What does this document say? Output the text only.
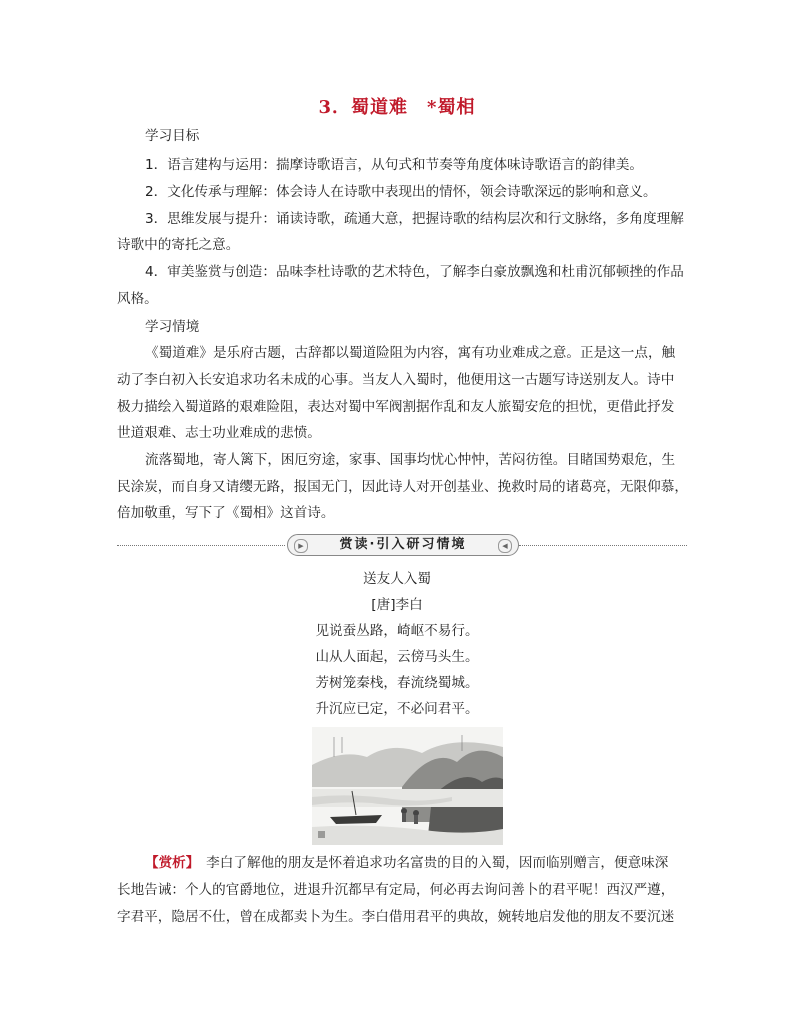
3．蜀道难　*蜀相
学习目标
1．语言建构与运用：揣摩诗歌语言，从句式和节奏等角度体味诗歌语言的韵律美。
2．文化传承与理解：体会诗人在诗歌中表现出的情怀，领会诗歌深远的影响和意义。
3．思维发展与提升：诵读诗歌，疏通大意，把握诗歌的结构层次和行文脉络，多角度理解
诗歌中的寄托之意。
4．审美鉴赏与创造：品味李杜诗歌的艺术特色，了解李白豪放飘逸和杜甫沉郁顿挫的作品
风格。
学习情境
《蜀道难》是乐府古题，古辞都以蜀道险阻为内容，寓有功业难成之意。正是这一点，触
动了李白初入长安追求功名未成的心事。当友人入蜀时，他便用这一古题写诗送别友人。诗中
极力描绘入蜀道路的艰难险阻，表达对蜀中军阀割据作乱和友人旅蜀安危的担忧，更借此抒发
世道艰难、志士功业难成的悲愤。
流落蜀地，寄人篱下，困厄穷途，家事、国事均忧心忡忡，苦闷彷徨。目睹国势艰危，生
民涂炭，而自身又请缨无路，报国无门，因此诗人对开创基业、挽救时局的诸葛亮，无限仰慕，
倍加敬重，写下了《蜀相》这首诗。
▶	赏读·引入研习情境	◀
送友人入蜀
[唐]李白
见说蚕丛路，崎岖不易行。
山从人面起，云傍马头生。
芳树笼秦栈，春流绕蜀城。
升沉应已定，不必问君平。
【赏析】　李白了解他的朋友是怀着追求功名富贵的目的入蜀，因而临别赠言，便意味深
长地告诫：个人的官爵地位，进退升沉都早有定局，何必再去询问善卜的君平呢！西汉严遵，
字君平，隐居不仕，曾在成都卖卜为生。李白借用君平的典故，婉转地启发他的朋友不要沉迷
